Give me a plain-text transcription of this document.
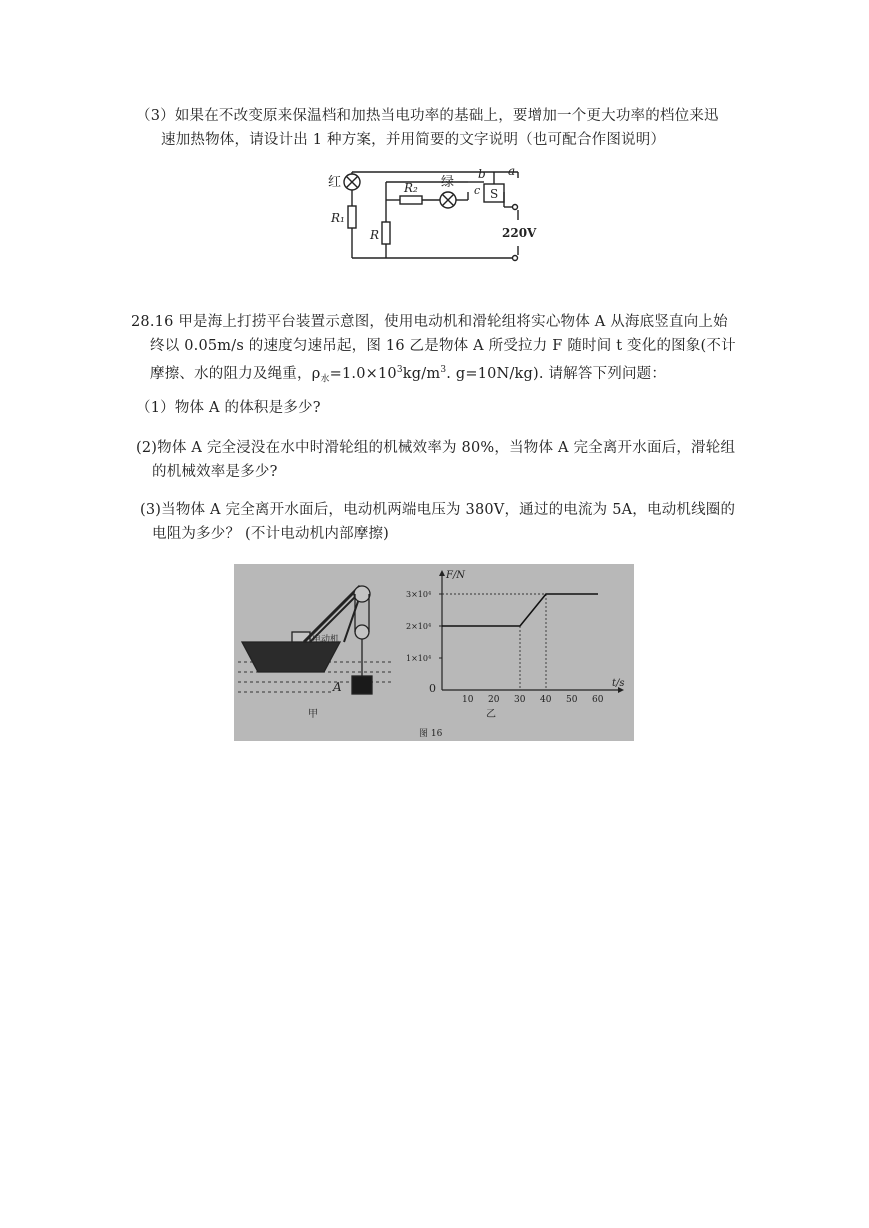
（3）如果在不改变原来保温档和加热当电功率的基础上，要增加一个更大功率的档位来迅
速加热物体，请设计出 1 种方案，并用简要的文字说明（也可配合作图说明）
红
R₁
R₂
R
绿
S
a
b
c
220V
28.16 甲是海上打捞平台装置示意图，使用电动机和滑轮组将实心物体 A 从海底竖直向上始
终以 0.05m/s 的速度匀速吊起，图 16 乙是物体 A 所受拉力 F 随时间 t 变化的图象(不计
摩擦、水的阻力及绳重，$\rho_水=1.0\times 10^3kg/m^3$. g=10N/kg). 请解答下列问题：
（1）物体 A 的体积是多少?
(2)物体 A 完全浸没在水中时滑轮组的机械效率为 80%，当物体 A 完全离开水面后，滑轮组
的机械效率是多少?
(3)当物体 A 完全离开水面后，电动机两端电压为 380V，通过的电流为 5A，电动机线圈的
电阻为多少？ (不计电动机内部摩擦)
电动机
A
甲	乙
图 16
10 20 30 40 50 60
1×10⁴
2×10⁴
3×10⁴
0
F/N
t/s
